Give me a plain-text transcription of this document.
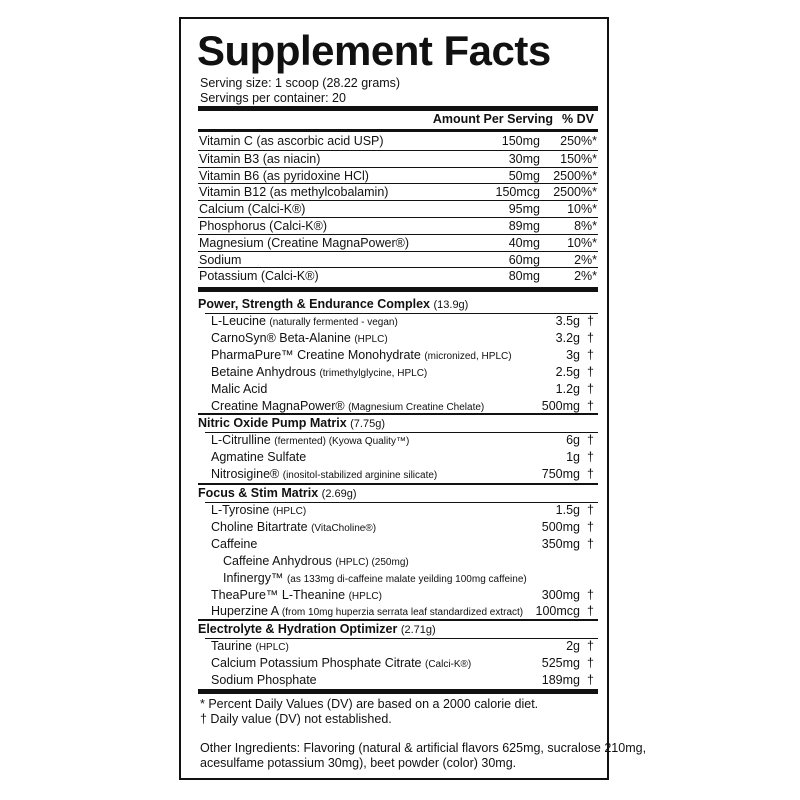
Supplement Facts
Serving size: 1 scoop (28.22 grams)
Servings per container: 20
Amount Per Serving % DV
Vitamin C (as ascorbic acid USP)	150mg 250%*
Vitamin B3 (as niacin)	30mg 150%*
Vitamin B6 (as pyridoxine HCl)	50mg 2500%*
Vitamin B12 (as methylcobalamin)	150mcg 2500%*
Calcium (Calci-K®)	95mg 10%*
Phosphorus (Calci-K®)	89mg	8%*
Magnesium (Creatine MagnaPower®)	40mg 10%*
Sodium	60mg	2%*
Potassium (Calci-K®)	80mg	2%*
Power, Strength & Endurance Complex (13.9g)
L-Leucine (naturally fermented - vegan)	3.5g †
CarnoSyn® Beta-Alanine (HPLC)	3.2g †
PharmaPure™ Creatine Monohydrate (micronized, HPLC)	3g †
Betaine Anhydrous (trimethylglycine, HPLC)	2.5g †
Malic Acid	1.2g †
Creatine MagnaPower® (Magnesium Creatine Chelate)	500mg †
Nitric Oxide Pump Matrix (7.75g)
L-Citrulline (fermented) (Kyowa Quality™)	6g †
Agmatine Sulfate	1g †
Nitrosigine® (inositol-stabilized arginine silicate)	750mg †
Focus & Stim Matrix (2.69g)
L-Tyrosine (HPLC)	1.5g †
Choline Bitartrate (VitaCholine®)	500mg †
Caffeine	350mg †
Caffeine Anhydrous (HPLC) (250mg)
Infinergy™ (as 133mg di-caffeine malate yeilding 100mg caffeine)
TheaPure™ L-Theanine (HPLC)	300mg †
Huperzine A (from 10mg huperzia serrata leaf standardized extract) 100mcg †
Electrolyte & Hydration Optimizer (2.71g)
Taurine (HPLC)	2g †
Calcium Potassium Phosphate Citrate (Calci-K®)	525mg †
Sodium Phosphate	189mg †
* Percent Daily Values (DV) are based on a 2000 calorie diet.
† Daily value (DV) not established.
Other Ingredients: Flavoring (natural & artificial flavors 625mg, sucralose 210mg,
acesulfame potassium 30mg), beet powder (color) 30mg.
